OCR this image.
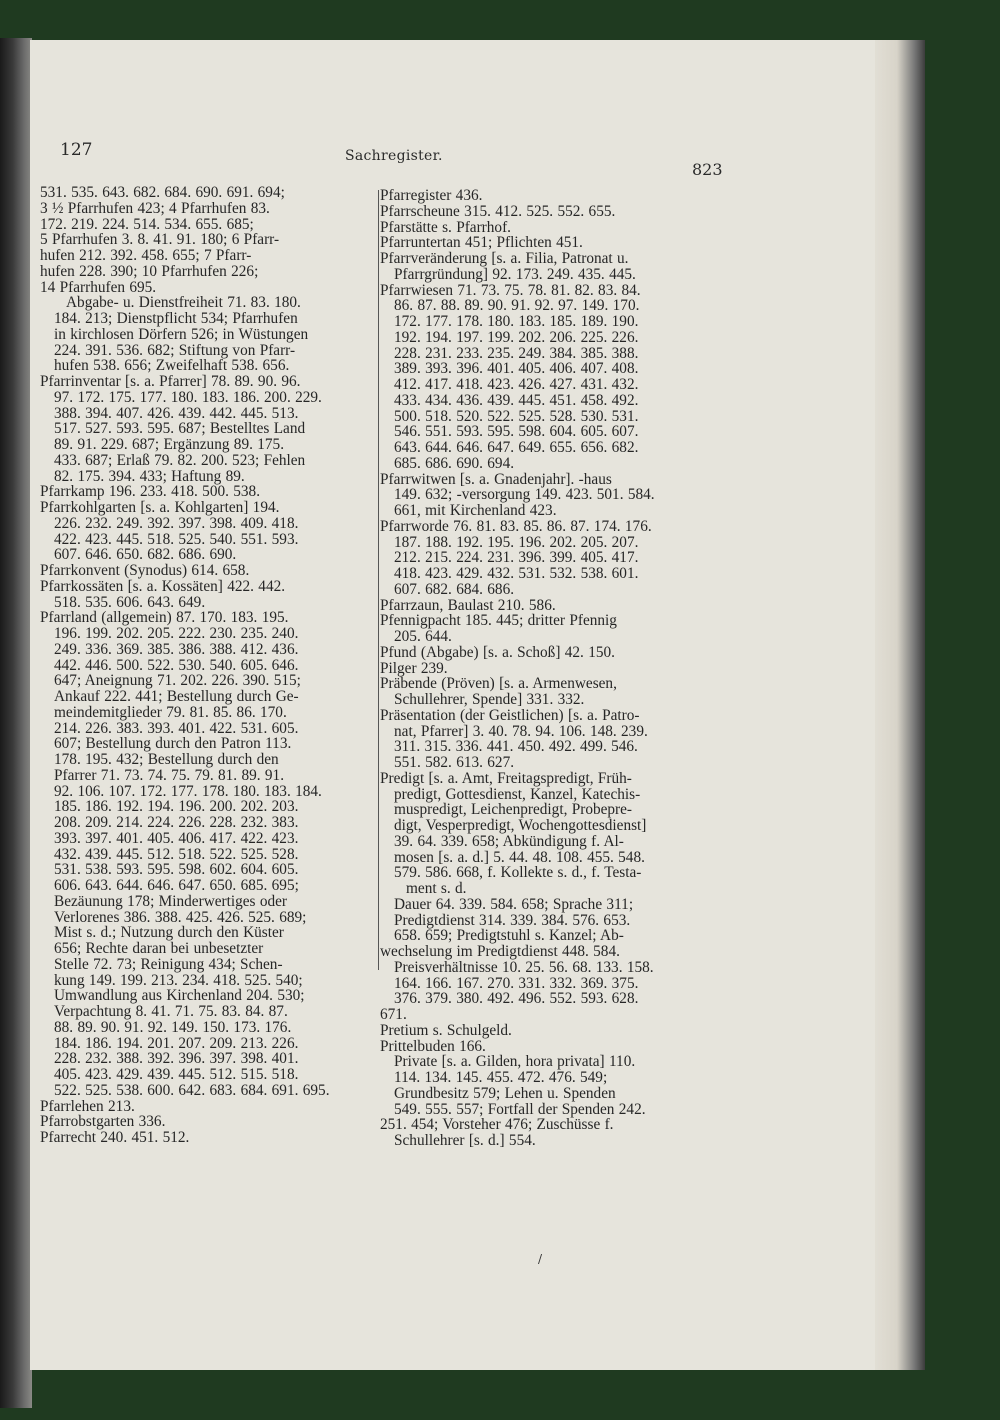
127	Sachregister.
823
531. 535. 643. 682. 684. 690. 691. 694;
3 ½ Pfarrhufen 423; 4 Pfarrhufen 83.
172. 219. 224. 514. 534. 655. 685;
5 Pfarrhufen 3. 8. 41. 91. 180; 6 Pfarr-
hufen 212. 392. 458. 655; 7 Pfarr-
hufen 228. 390; 10 Pfarrhufen 226;
14 Pfarrhufen 695.
Abgabe- u. Dienstfreiheit 71. 83. 180.
184. 213; Dienstpflicht 534; Pfarrhufen
in kirchlosen Dörfern 526; in Wüstungen
224. 391. 536. 682; Stiftung von Pfarr-
hufen 538. 656; Zweifelhaft 538. 656.
Pfarrinventar [s. a. Pfarrer] 78. 89. 90. 96.
97. 172. 175. 177. 180. 183. 186. 200. 229.
388. 394. 407. 426. 439. 442. 445. 513.
517. 527. 593. 595. 687; Bestelltes Land
89. 91. 229. 687; Ergänzung 89. 175.
433. 687; Erlaß 79. 82. 200. 523; Fehlen
82. 175. 394. 433; Haftung 89.
Pfarrkamp 196. 233. 418. 500. 538.
Pfarrkohlgarten [s. a. Kohlgarten] 194.
226. 232. 249. 392. 397. 398. 409. 418.
422. 423. 445. 518. 525. 540. 551. 593.
607. 646. 650. 682. 686. 690.
Pfarrkonvent (Synodus) 614. 658.
Pfarrkossäten [s. a. Kossäten] 422. 442.
518. 535. 606. 643. 649.
Pfarrland (allgemein) 87. 170. 183. 195.
196. 199. 202. 205. 222. 230. 235. 240.
249. 336. 369. 385. 386. 388. 412. 436.
442. 446. 500. 522. 530. 540. 605. 646.
647; Aneignung 71. 202. 226. 390. 515;
Ankauf 222. 441; Bestellung durch Ge-
meindemitglieder 79. 81. 85. 86. 170.
214. 226. 383. 393. 401. 422. 531. 605.
607; Bestellung durch den Patron 113.
178. 195. 432; Bestellung durch den
Pfarrer 71. 73. 74. 75. 79. 81. 89. 91.
92. 106. 107. 172. 177. 178. 180. 183. 184.
185. 186. 192. 194. 196. 200. 202. 203.
208. 209. 214. 224. 226. 228. 232. 383.
393. 397. 401. 405. 406. 417. 422. 423.
432. 439. 445. 512. 518. 522. 525. 528.
531. 538. 593. 595. 598. 602. 604. 605.
606. 643. 644. 646. 647. 650. 685. 695;
Bezäunung 178; Minderwertiges oder
Verlorenes 386. 388. 425. 426. 525. 689;
Mist s. d.; Nutzung durch den Küster
656; Rechte daran bei unbesetzter
Stelle 72. 73; Reinigung 434; Schen-
kung 149. 199. 213. 234. 418. 525. 540;
Umwandlung aus Kirchenland 204. 530;
Verpachtung 8. 41. 71. 75. 83. 84. 87.
88. 89. 90. 91. 92. 149. 150. 173. 176.
184. 186. 194. 201. 207. 209. 213. 226.
228. 232. 388. 392. 396. 397. 398. 401.
405. 423. 429. 439. 445. 512. 515. 518.
522. 525. 538. 600. 642. 683. 684. 691. 695.
Pfarrlehen 213.
Pfarrobstgarten 336.
Pfarrecht 240. 451. 512.
Pfarregister 436.
Pfarrscheune 315. 412. 525. 552. 655.
Pfarstätte s. Pfarrhof.
Pfarruntertan 451; Pflichten 451.
Pfarrveränderung [s. a. Filia, Patronat u.
Pfarrgründung] 92. 173. 249. 435. 445.
Pfarrwiesen 71. 73. 75. 78. 81. 82. 83. 84.
86. 87. 88. 89. 90. 91. 92. 97. 149. 170.
172. 177. 178. 180. 183. 185. 189. 190.
192. 194. 197. 199. 202. 206. 225. 226.
228. 231. 233. 235. 249. 384. 385. 388.
389. 393. 396. 401. 405. 406. 407. 408.
412. 417. 418. 423. 426. 427. 431. 432.
433. 434. 436. 439. 445. 451. 458. 492.
500. 518. 520. 522. 525. 528. 530. 531.
546. 551. 593. 595. 598. 604. 605. 607.
643. 644. 646. 647. 649. 655. 656. 682.
685. 686. 690. 694.
Pfarrwitwen [s. a. Gnadenjahr]. -haus
149. 632; -versorgung 149. 423. 501. 584.
661, mit Kirchenland 423.
Pfarrworde 76. 81. 83. 85. 86. 87. 174. 176.
187. 188. 192. 195. 196. 202. 205. 207.
212. 215. 224. 231. 396. 399. 405. 417.
418. 423. 429. 432. 531. 532. 538. 601.
607. 682. 684. 686.
Pfarrzaun, Baulast 210. 586.
Pfennigpacht 185. 445; dritter Pfennig
205. 644.
Pfund (Abgabe) [s. a. Schoß] 42. 150.
Pilger 239.
Präbende (Pröven) [s. a. Armenwesen,
Schullehrer, Spende] 331. 332.
Präsentation (der Geistlichen) [s. a. Patro-
nat, Pfarrer] 3. 40. 78. 94. 106. 148. 239.
311. 315. 336. 441. 450. 492. 499. 546.
551. 582. 613. 627.
Predigt [s. a. Amt, Freitagspredigt, Früh-
predigt, Gottesdienst, Kanzel, Katechis-
muspredigt, Leichenpredigt, Probepre-
digt, Vesperpredigt, Wochengottesdienst]
39. 64. 339. 658; Abkündigung f. Al-
mosen [s. a. d.] 5. 44. 48. 108. 455. 548.
579. 586. 668, f. Kollekte s. d., f. Testa-
ment s. d.
Dauer 64. 339. 584. 658; Sprache 311;
Predigtdienst 314. 339. 384. 576. 653.
658. 659; Predigtstuhl s. Kanzel; Ab-
wechselung im Predigtdienst 448. 584.
Preisverhältnisse 10. 25. 56. 68. 133. 158.
164. 166. 167. 270. 331. 332. 369. 375.
376. 379. 380. 492. 496. 552. 593. 628.
671.
Pretium s. Schulgeld.
Prittelbuden 166.
Private [s. a. Gilden, hora privata] 110.
114. 134. 145. 455. 472. 476. 549;
Grundbesitz 579; Lehen u. Spenden
549. 555. 557; Fortfall der Spenden 242.
251. 454; Vorsteher 476; Zuschüsse f.
Schullehrer [s. d.] 554.
/
